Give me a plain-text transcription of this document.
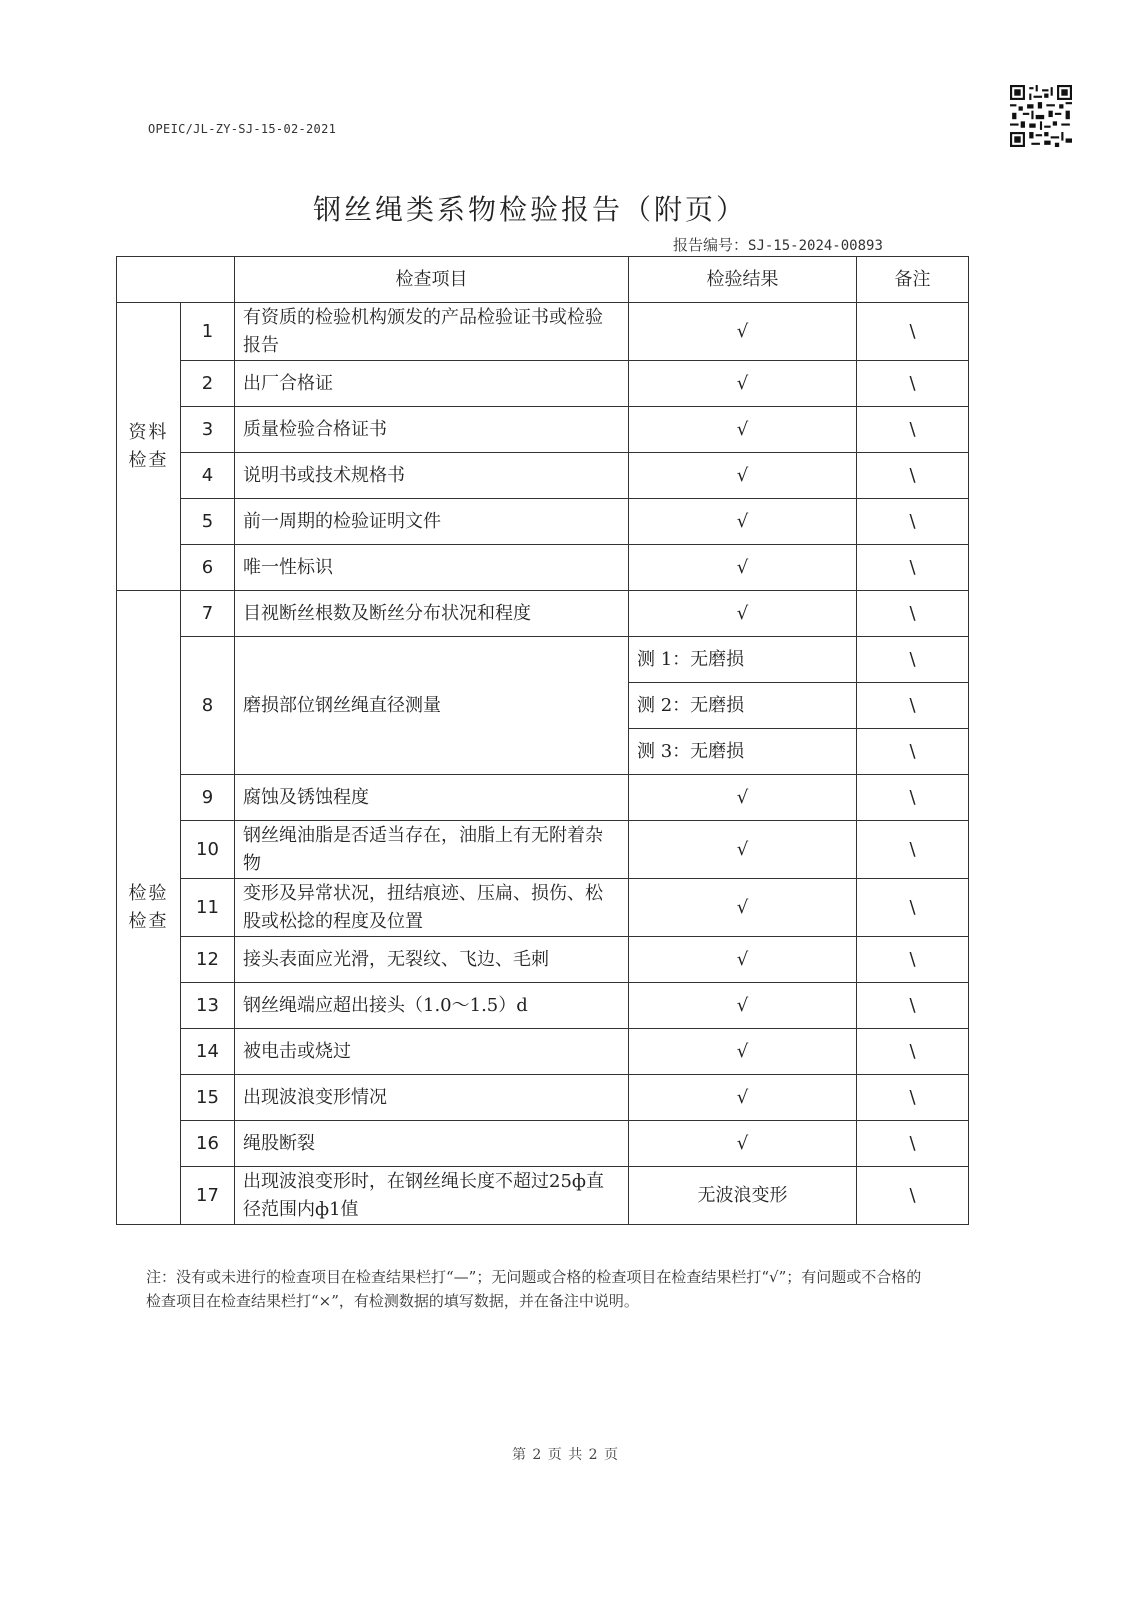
OPEIC/JL-ZY-SJ-15-02-2021
钢丝绳类系物检验报告（附页）
报告编号：SJ-15-2024-00893
		检查项目	检验结果	备注
资料检查	1	有资质的检验机构颁发的产品检验证书或检验报告	√	\
	2	出厂合格证	√	\
	3	质量检验合格证书	√	\
	4	说明书或技术规格书	√	\
	5	前一周期的检验证明文件	√	\
	6	唯一性标识	√	\
检验检查	7	目视断丝根数及断丝分布状况和程度	√	\
	8	磨损部位钢丝绳直径测量	测 1：无磨损	\
			测 2：无磨损	\
			测 3：无磨损	\
	9	腐蚀及锈蚀程度	√	\
	10	钢丝绳油脂是否适当存在，油脂上有无附着杂物	√	\
	11	变形及异常状况，扭结痕迹、压扁、损伤、松股或松捻的程度及位置	√	\
	12	接头表面应光滑，无裂纹、飞边、毛刺	√	\
	13	钢丝绳端应超出接头（1.0～1.5）d	√	\
	14	被电击或烧过	√	\
	15	出现波浪变形情况	√	\
	16	绳股断裂	√	\
	17	出现波浪变形时，在钢丝绳长度不超过25ф直径范围内ф1值	无波浪变形	\
注：没有或未进行的检查项目在检查结果栏打“—”；无问题或合格的检查项目在检查结果栏打“√”；有问题或不合格的检查项目在检查结果栏打“×”，有检测数据的填写数据，并在备注中说明。
第 2 页 共 2 页
